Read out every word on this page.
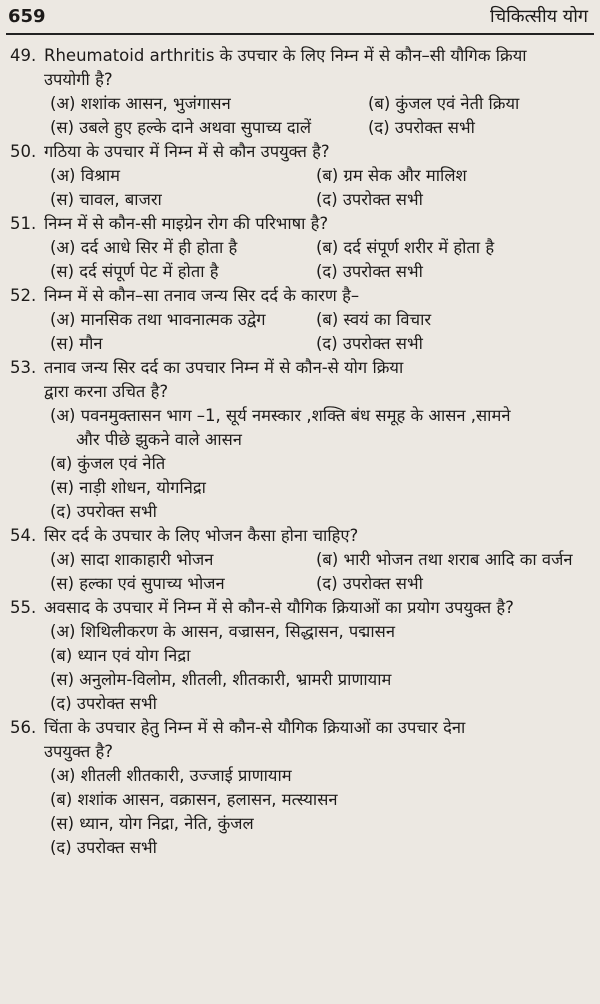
659	चिकित्सीय योग
49. Rheumatoid arthritis के उपचार के लिए निम्न में से कौन–सी यौगिक क्रिया
उपयोगी है?
(अ) शशांक आसन, भुजंगासन	(ब) कुंजल एवं नेती क्रिया
(स) उबले हुए हल्के दाने अथवा सुपाच्य दालें	(द) उपरोक्त सभी
50. गठिया के उपचार में निम्न में से कौन उपयुक्त है?
(अ) विश्राम	(ब) ग्रम सेक और मालिश
(स) चावल, बाजरा	(द) उपरोक्त सभी
51. निम्न में से कौन-सी माइग्रेन रोग की परिभाषा है?
(अ) दर्द आधे सिर में ही होता है	(ब) दर्द संपूर्ण शरीर में होता है
(स) दर्द संपूर्ण पेट में होता है	(द) उपरोक्त सभी
52. निम्न में से कौन–सा तनाव जन्य सिर दर्द के कारण है–
(अ) मानसिक तथा भावनात्मक उद्वेग	(ब) स्वयं का विचार
(स) मौन	(द) उपरोक्त सभी
53. तनाव जन्य सिर दर्द का उपचार निम्न में से कौन-से योग क्रिया
द्वारा करना उचित है?
(अ) पवनमुक्तासन भाग –1, सूर्य नमस्कार ,शक्ति बंध समूह के आसन ,सामने
और पीछे झुकने वाले आसन
(ब) कुंजल एवं नेति
(स) नाड़ी शोधन, योगनिद्रा
(द) उपरोक्त सभी
54. सिर दर्द के उपचार के लिए भोजन कैसा होना चाहिए?
(अ) सादा शाकाहारी भोजन	(ब) भारी भोजन तथा शराब आदि का वर्जन
(स) हल्का एवं सुपाच्य भोजन	(द) उपरोक्त सभी
55. अवसाद के उपचार में निम्न में से कौन-से यौगिक क्रियाओं का प्रयोग उपयुक्त है?
(अ) शिथिलीकरण के आसन, वज्रासन, सिद्धासन, पद्मासन
(ब) ध्यान एवं योग निद्रा
(स) अनुलोम-विलोम, शीतली, शीतकारी, भ्रामरी प्राणायाम
(द) उपरोक्त सभी
56. चिंता के उपचार हेतु निम्न में से कौन-से यौगिक क्रियाओं का उपचार देना
उपयुक्त है?
(अ) शीतली शीतकारी, उज्जाई प्राणायाम
(ब) शशांक आसन, वक्रासन, हलासन, मत्स्यासन
(स) ध्यान, योग निद्रा, नेति, कुंजल
(द) उपरोक्त सभी
